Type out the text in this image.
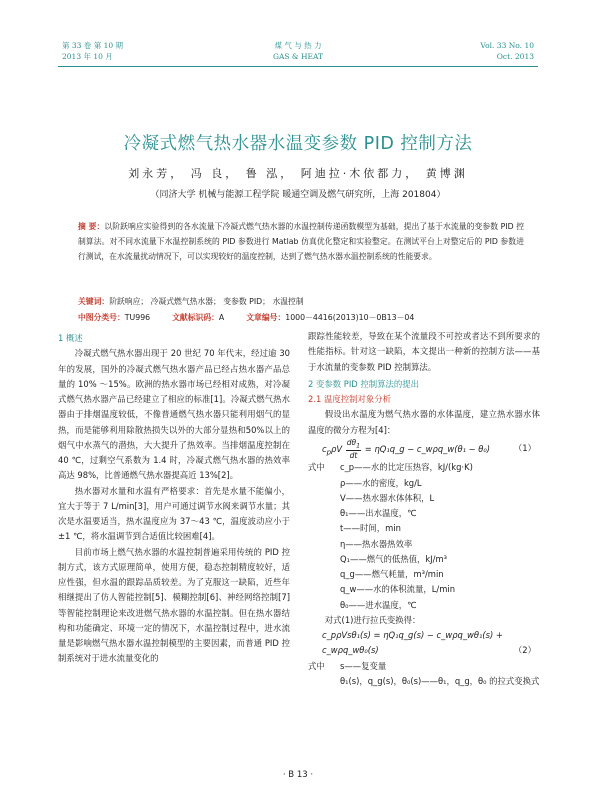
第 33 卷 第 10 期
2013 年 10 月
煤 气 与 热 力
GAS & HEAT
Vol. 33 No. 10
Oct. 2013
冷凝式燃气热水器水温变参数 PID 控制方法
刘永芳， 冯 良， 鲁 泓， 阿迪拉·木依都力， 黄博渊
（同济大学 机械与能源工程学院 暖通空调及燃气研究所，上海 201804）
摘 要：以阶跃响应实验得到的各水流量下冷凝式燃气热水器的水温控制传递函数模型为基础，提出了基于水流量的变参数 PID 控制算法。对不同水流量下水温控制系统的 PID 参数进行 Matlab 仿真优化整定和实验整定。在测试平台上对整定后的 PID 参数进行测试，在水流量扰动情况下，可以实现较好的温度控制，达到了燃气热水器水温控制系统的性能要求。
关键词：阶跃响应； 冷凝式燃气热水器； 变参数 PID； 水温控制
中图分类号：TU996	文献标识码：A	文章编号：1000－4416(2013)10－0B13－04
1 概述

冷凝式燃气热水器出现于 20 世纪 70 年代末，经过逾 30 年的发展，国外的冷凝式燃气热水器产品已经占热水器产品总量的 10% ～15%。欧洲的热水器市场已经相对成熟，对冷凝式燃气热水器产品已经建立了相应的标准[1]。冷凝式燃气热水器由于排烟温度较低，不像普通燃气热水器只能利用烟气的显热，而是能够利用除散热损失以外的大部分显热和50%以上的烟气中水蒸气的潜热，大大提升了热效率。当排烟温度控制在 40 ℃，过剩空气系数为 1.4 时，冷凝式燃气热水器的热效率高达 98%，比普通燃气热水器提高近 13%[2]。

热水器对水量和水温有严格要求：首先是水量不能偏小，宜大于等于 7 L/min[3]，用户可通过调节水阀来调节水量；其次是水温要适当，热水温度应为 37～43 ℃，温度波动应小于 ±1 ℃，将水温调节到合适值比较困难[4]。

目前市场上燃气热水器的水温控制普遍采用传统的 PID 控制方式，该方式原理简单，使用方便，稳态控制精度较好，适应性强，但水温的跟踪品质较差。为了克服这一缺陷，近些年相继提出了仿人智能控制[5]、模糊控制[6]、神经网络控制[7]等智能控制理论来改进燃气热水器的水温控制。但在热水器结构和功能确定、环境一定的情况下，水温控制过程中，进水流量是影响燃气热水器水温控制模型的主要因素，而普通 PID 控制系统对于进水流量变化的

跟踪性能较差，导致在某个流量段不可控或者达不到所要求的性能指标。针对这一缺陷，本文提出一种新的控制方法——基于水流量的变参数 PID 控制算法。

2 变参数 PID 控制算法的提出
2.1 温度控制对象分析

假设出水温度为燃气热水器的水体温度，建立热水器水体温度的微分方程为[4]：

$c_p\rho V \frac{d\theta_1}{dt}$ = ηQ₁q_g − c_wρq_w(θ₁ − θ₀)	（1）
式中	c_p——水的比定压热容，kJ/(kg·K)
ρ——水的密度，kg/L
V——热水器水体体积，L
θ₁——出水温度，℃
t——时间，min
η——热水器热效率
Q₁——燃气的低热值，kJ/m³
q_g——燃气耗量，m³/min
q_w——水的体积流量，L/min
θ₀——进水温度，℃

对式(1)进行拉氏变换得：

c_pρVsθ₁(s) = ηQ₁q_g(s) − c_wρq_wθ₁(s) +
c_wρq_wθ₀(s)	（2）
式中	s——复变量
θ₁(s)，q_g(s)，θ₀(s)——θ₁，q_g，θ₀ 的拉式变换式
· B 13 ·
